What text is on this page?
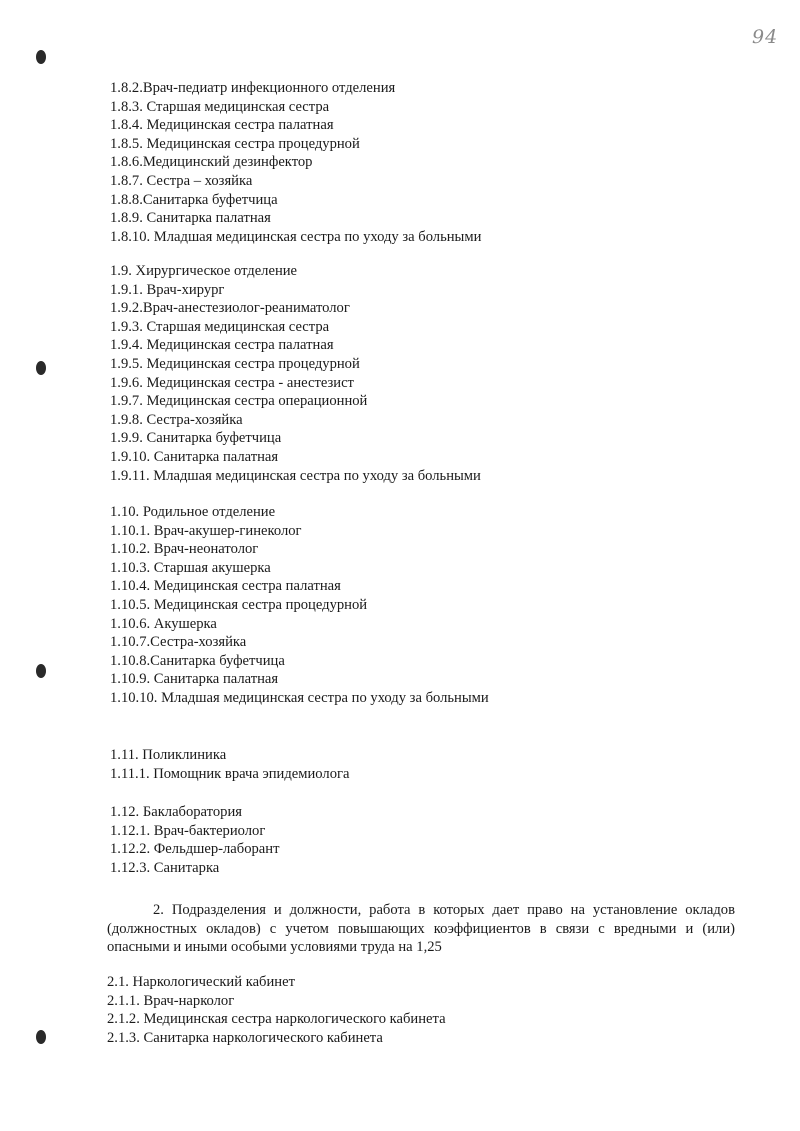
94
1.8.2.Врач-педиатр инфекционного отделения
1.8.3. Старшая медицинская сестра
1.8.4. Медицинская сестра палатная
1.8.5. Медицинская сестра процедурной
1.8.6.Медицинский дезинфектор
1.8.7. Сестра – хозяйка
1.8.8.Санитарка буфетчица
1.8.9. Санитарка палатная
1.8.10. Младшая медицинская сестра по уходу за больными
1.9. Хирургическое отделение
1.9.1. Врач-хирург
1.9.2.Врач-анестезиолог-реаниматолог
1.9.3. Старшая медицинская сестра
1.9.4. Медицинская сестра палатная
1.9.5. Медицинская сестра процедурной
1.9.6. Медицинская сестра - анестезист
1.9.7. Медицинская сестра операционной
1.9.8. Сестра-хозяйка
1.9.9. Санитарка буфетчица
1.9.10. Санитарка палатная
1.9.11. Младшая медицинская сестра по уходу за больными
1.10. Родильное отделение
1.10.1. Врач-акушер-гинеколог
1.10.2. Врач-неонатолог
1.10.3. Старшая акушерка
1.10.4. Медицинская сестра палатная
1.10.5. Медицинская сестра процедурной
1.10.6. Акушерка
1.10.7.Сестра-хозяйка
1.10.8.Санитарка буфетчица
1.10.9. Санитарка палатная
1.10.10. Младшая медицинская сестра по уходу за больными
1.11. Поликлиника
1.11.1. Помощник врача эпидемиолога
1.12. Баклаборатория
1.12.1. Врач-бактериолог
1.12.2. Фельдшер-лаборант
1.12.3. Санитарка
2. Подразделения и должности, работа в которых дает право на установление окладов (должностных окладов) с учетом повышающих коэффициентов в связи с вредными и (или) опасными и иными особыми условиями труда на 1,25
2.1. Наркологический кабинет
2.1.1. Врач-нарколог
2.1.2. Медицинская сестра наркологического кабинета
2.1.3. Санитарка наркологического кабинета
